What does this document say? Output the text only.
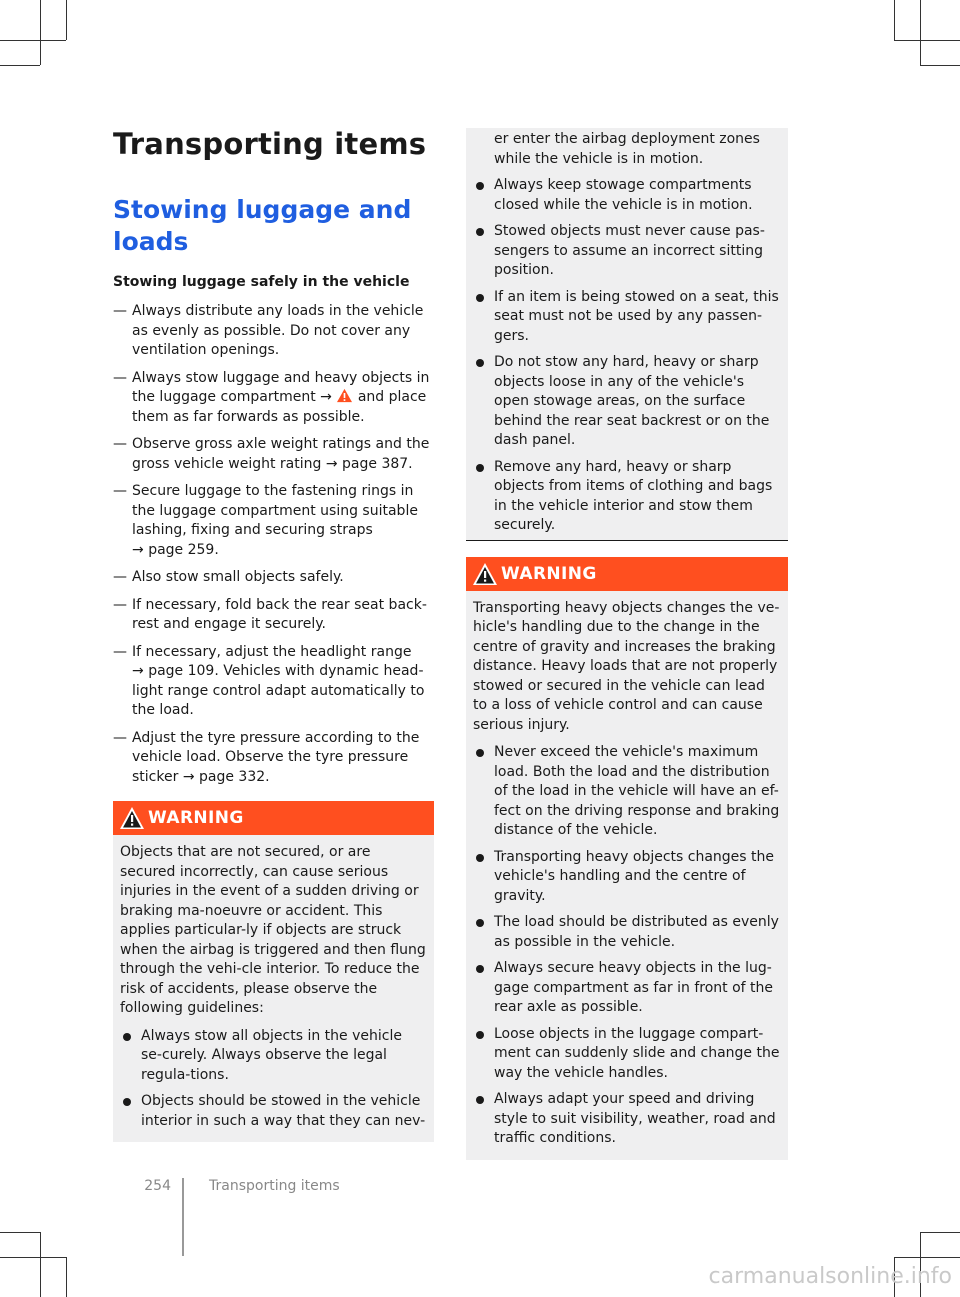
Transporting items
Stowing luggage and loads
Stowing luggage safely in the vehicle
— Always distribute any loads in the vehicle as evenly as possible. Do not cover any ventilation openings.
— Always stow luggage and heavy objects in the luggage compartment → and place them as far forwards as possible.
— Observe gross axle weight ratings and the gross vehicle weight rating → page 387.
— Secure luggage to the fastening rings in the luggage compartment using suitable lashing, fixing and securing straps
→ page 259.
— Also stow small objects safely.
— If necessary, fold back the rear seat back-rest and engage it securely.
— If necessary, adjust the headlight range
→ page 109. Vehicles with dynamic head-light range control adapt automatically to the load.
— Adjust the tyre pressure according to the vehicle load. Observe the tyre pressure sticker → page 332.
WARNING

Objects that are not secured, or are secured incorrectly, can cause serious injuries in the event of a sudden driving or braking ma-noeuvre or accident. This applies particular-ly if objects are struck when the airbag is triggered and then flung through the vehi-cle interior. To reduce the risk of accidents, please observe the following guidelines:

Always stow all objects in the vehicle se-curely. Always observe the legal regula-tions.
Objects should be stowed in the vehicle interior in such a way that they can nev-

er enter the airbag deployment zones while the vehicle is in motion.

Always keep stowage compartments closed while the vehicle is in motion.
Stowed objects must never cause pas-sengers to assume an incorrect sitting position.
If an item is being stowed on a seat, this seat must not be used by any passen-gers.
Do not stow any hard, heavy or sharp objects loose in any of the vehicle's open stowage areas, on the surface behind the rear seat backrest or on the dash panel.
Remove any hard, heavy or sharp objects from items of clothing and bags in the vehicle interior and stow them securely.
WARNING

Transporting heavy objects changes the ve-hicle's handling due to the change in the centre of gravity and increases the braking distance. Heavy loads that are not properly stowed or secured in the vehicle can lead to a loss of vehicle control and can cause serious injury.

Never exceed the vehicle's maximum load. Both the load and the distribution of the load in the vehicle will have an ef-fect on the driving response and braking distance of the vehicle.
Transporting heavy objects changes the vehicle's handling and the centre of gravity.
The load should be distributed as evenly as possible in the vehicle.
Always secure heavy objects in the lug-gage compartment as far in front of the rear axle as possible.
Loose objects in the luggage compart-ment can suddenly slide and change the way the vehicle handles.
Always adapt your speed and driving style to suit visibility, weather, road and traffic conditions.
254	Transporting items
carmanualsonline.info
